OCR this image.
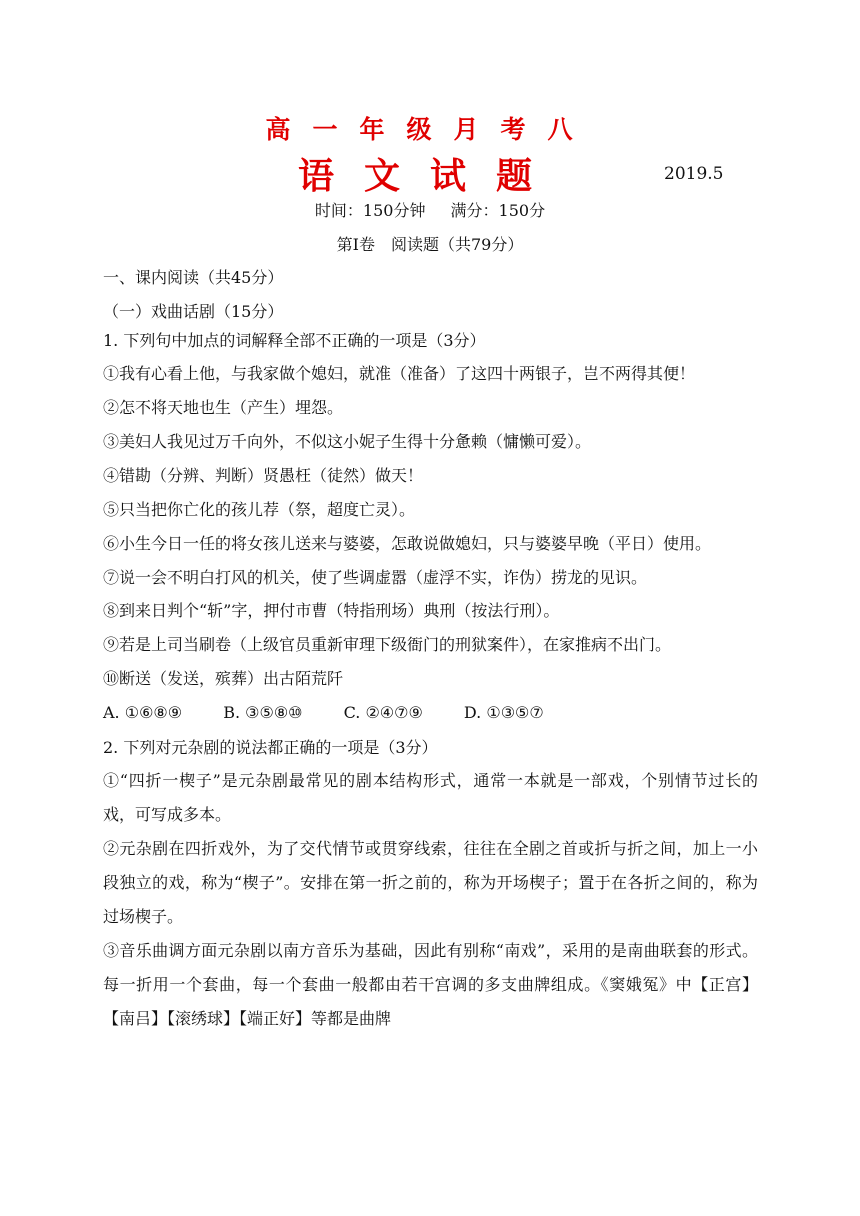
高一年级月考八
语文试题	2019.5
时间：150分钟 满分：150分
第Ⅰ卷　阅读题（共79分）
一、课内阅读（共45分）
（一）戏曲话剧（15分）
1. 下列句中加点的词解释全部不正确的一项是（3分）
①我有心看上他，与我家做个媳妇，就准（准备）了这四十两银子，岂不两得其便！
②怎不将天地也生（产生）埋怨。
③美妇人我见过万千向外，不似这小妮子生得十分惫赖（慵懒可爱）。
④错勘（分辨、判断）贤愚枉（徒然）做天！
⑤只当把你亡化的孩儿荐（祭，超度亡灵）。
⑥小生今日一任的将女孩儿送来与婆婆，怎敢说做媳妇，只与婆婆早晚（平日）使用。
⑦说一会不明白打风的机关，使了些调虚嚣（虚浮不实，诈伪）捞龙的见识。
⑧到来日判个“斩”字，押付市曹（特指刑场）典刑（按法行刑）。
⑨若是上司当刷卷（上级官员重新审理下级衙门的刑狱案件），在家推病不出门。
⑩断送（发送，殡葬）出古陌荒阡
A. ①⑥⑧⑨	B. ③⑤⑧⑩	C. ②④⑦⑨	D. ①③⑤⑦
2. 下列对元杂剧的说法都正确的一项是（3分）
①“四折一楔子”是元杂剧最常见的剧本结构形式，通常一本就是一部戏，个别情节过长的戏，可写成多本。
②元杂剧在四折戏外，为了交代情节或贯穿线索，往往在全剧之首或折与折之间，加上一小段独立的戏，称为“楔子”。安排在第一折之前的，称为开场楔子；置于在各折之间的，称为过场楔子。
③音乐曲调方面元杂剧以南方音乐为基础，因此有别称“南戏”，采用的是南曲联套的形式。每一折用一个套曲，每一个套曲一般都由若干宫调的多支曲牌组成。《窦娥冤》中【正宫】【南吕】【滚绣球】【端正好】等都是曲牌
